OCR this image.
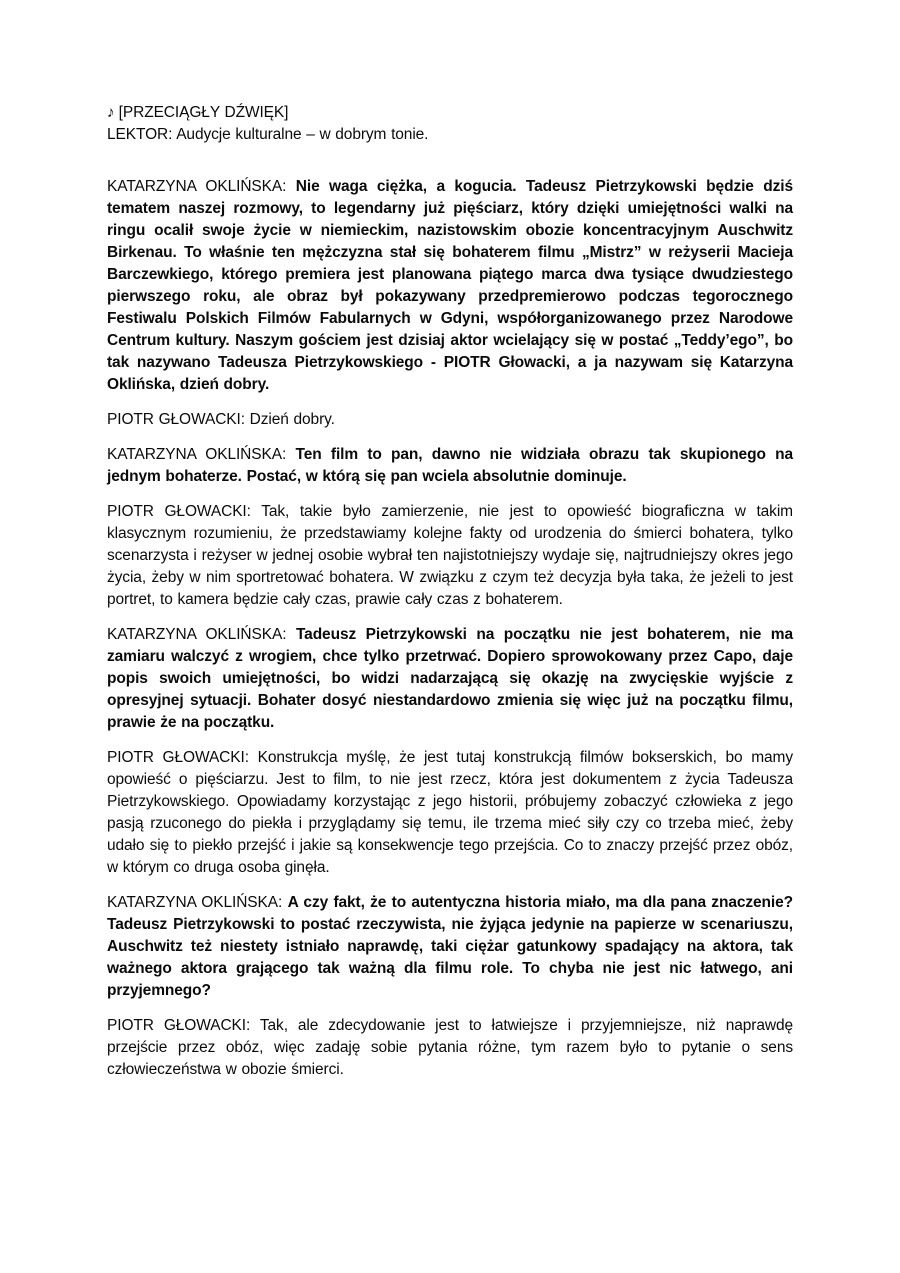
♪ [PRZECIĄGŁY DŹWIĘK]

LEKTOR: Audycje kulturalne – w dobrym tonie.

KATARZYNA OKLIŃSKA: Nie waga ciężka, a kogucia. Tadeusz Pietrzykowski będzie dziś tematem naszej rozmowy, to legendarny już pięściarz, który dzięki umiejętności walki na ringu ocalił swoje życie w niemieckim, nazistowskim obozie koncentracyjnym Auschwitz Birkenau. To właśnie ten mężczyzna stał się bohaterem filmu „Mistrz” w reżyserii Macieja Barczewkiego, którego premiera jest planowana piątego marca dwa tysiące dwudziestego pierwszego roku, ale obraz był pokazywany przedpremierowo podczas tegorocznego Festiwalu Polskich Filmów Fabularnych w Gdyni, współorganizowanego przez Narodowe Centrum kultury. Naszym gościem jest dzisiaj aktor wcielający się w postać „Teddy’ego”, bo tak nazywano Tadeusza Pietrzykowskiego - PIOTR Głowacki, a ja nazywam się Katarzyna Oklińska, dzień dobry.

PIOTR GŁOWACKI: Dzień dobry.

KATARZYNA OKLIŃSKA: Ten film to pan, dawno nie widziała obrazu tak skupionego na jednym bohaterze. Postać, w którą się pan wciela absolutnie dominuje.

PIOTR GŁOWACKI: Tak, takie było zamierzenie, nie jest to opowieść biograficzna w takim klasycznym rozumieniu, że przedstawiamy kolejne fakty od urodzenia do śmierci bohatera, tylko scenarzysta i reżyser w jednej osobie wybrał ten najistotniejszy wydaje się, najtrudniejszy okres jego życia, żeby w nim sportretować bohatera. W związku z czym też decyzja była taka, że jeżeli to jest portret, to kamera będzie cały czas, prawie cały czas z bohaterem.

KATARZYNA OKLIŃSKA: Tadeusz Pietrzykowski na początku nie jest bohaterem, nie ma zamiaru walczyć z wrogiem, chce tylko przetrwać. Dopiero sprowokowany przez Capo, daje popis swoich umiejętności, bo widzi nadarzającą się okazję na zwycięskie wyjście z opresyjnej sytuacji. Bohater dosyć niestandardowo zmienia się więc już na początku filmu, prawie że na początku.

PIOTR GŁOWACKI: Konstrukcja myślę, że jest tutaj konstrukcją filmów bokserskich, bo mamy opowieść o pięściarzu. Jest to film, to nie jest rzecz, która jest dokumentem z życia Tadeusza Pietrzykowskiego. Opowiadamy korzystając z jego historii, próbujemy zobaczyć człowieka z jego pasją rzuconego do piekła i przyglądamy się temu, ile trzema mieć siły czy co trzeba mieć, żeby udało się to piekło przejść i jakie są konsekwencje tego przejścia. Co to znaczy przejść przez obóz, w którym co druga osoba ginęła.

KATARZYNA OKLIŃSKA: A czy fakt, że to autentyczna historia miało, ma dla pana znaczenie? Tadeusz Pietrzykowski to postać rzeczywista, nie żyjąca jedynie na papierze w scenariuszu, Auschwitz też niestety istniało naprawdę, taki ciężar gatunkowy spadający na aktora, tak ważnego aktora grającego tak ważną dla filmu role. To chyba nie jest nic łatwego, ani przyjemnego?

PIOTR GŁOWACKI: Tak, ale zdecydowanie jest to łatwiejsze i przyjemniejsze, niż naprawdę przejście przez obóz, więc zadaję sobie pytania różne, tym razem było to pytanie o sens człowieczeństwa w obozie śmierci.
